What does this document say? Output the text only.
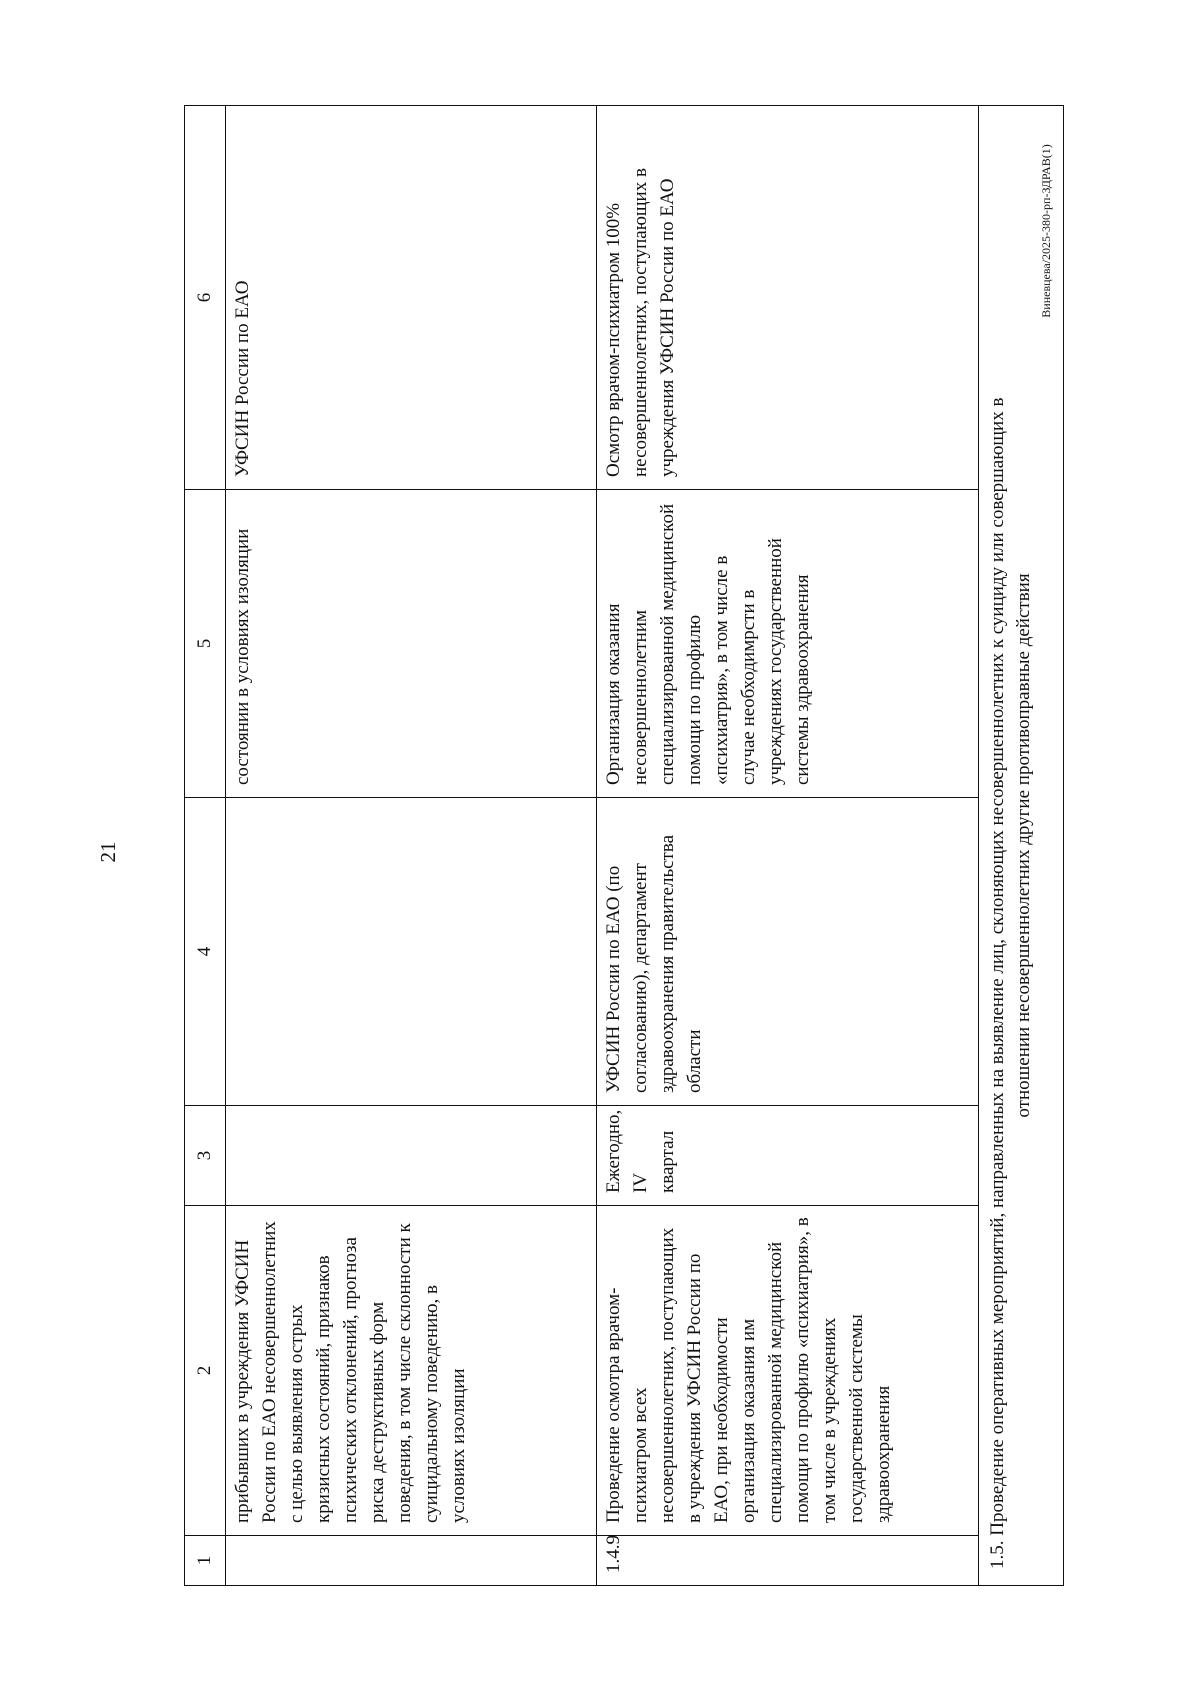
21
1	2	3	4	5	6
	прибывших в учреждения УФСИН России по ЕАО несовершеннолетних с целью выявления острых кризисных состояний, признаков психических отклонений, прогноза риска деструктивных форм поведения, в том числе склонности к суицидальному поведению, в условиях изоляции			состоянии в условиях изоляции	УФСИН России по ЕАО
1.4.9	Проведение осмотра врачом-психиатром всех несовершеннолетних, поступающих в учреждения УФСИН России по ЕАО, при необходимости организация оказания им специализированной медицинской помощи по профилю «психиатрия», в том числе в учреждениях государственной системы здравоохранения	Ежегодно, IV квартал	УФСИН России по ЕАО (по согласованию), департамент здравоохранения правительства области	Организация оказания несовершеннолетним специализированной медицинской помощи по профилю «психиатрия», в том числе в случае необходимрсти в учреждениях государственной системы здравоохранения	Осмотр врачом-психиатром 100% несовершеннолетних, поступающих в учреждения УФСИН России по ЕАО

1.5. Проведение оперативных мероприятий, направленных на выявление лиц, склоняющих несовершеннолетних к суициду или совершающих в отношении несовершеннолетних другие противоправные действия					
Виневцева/2025-380-рп-ЗДРАВ(1)
